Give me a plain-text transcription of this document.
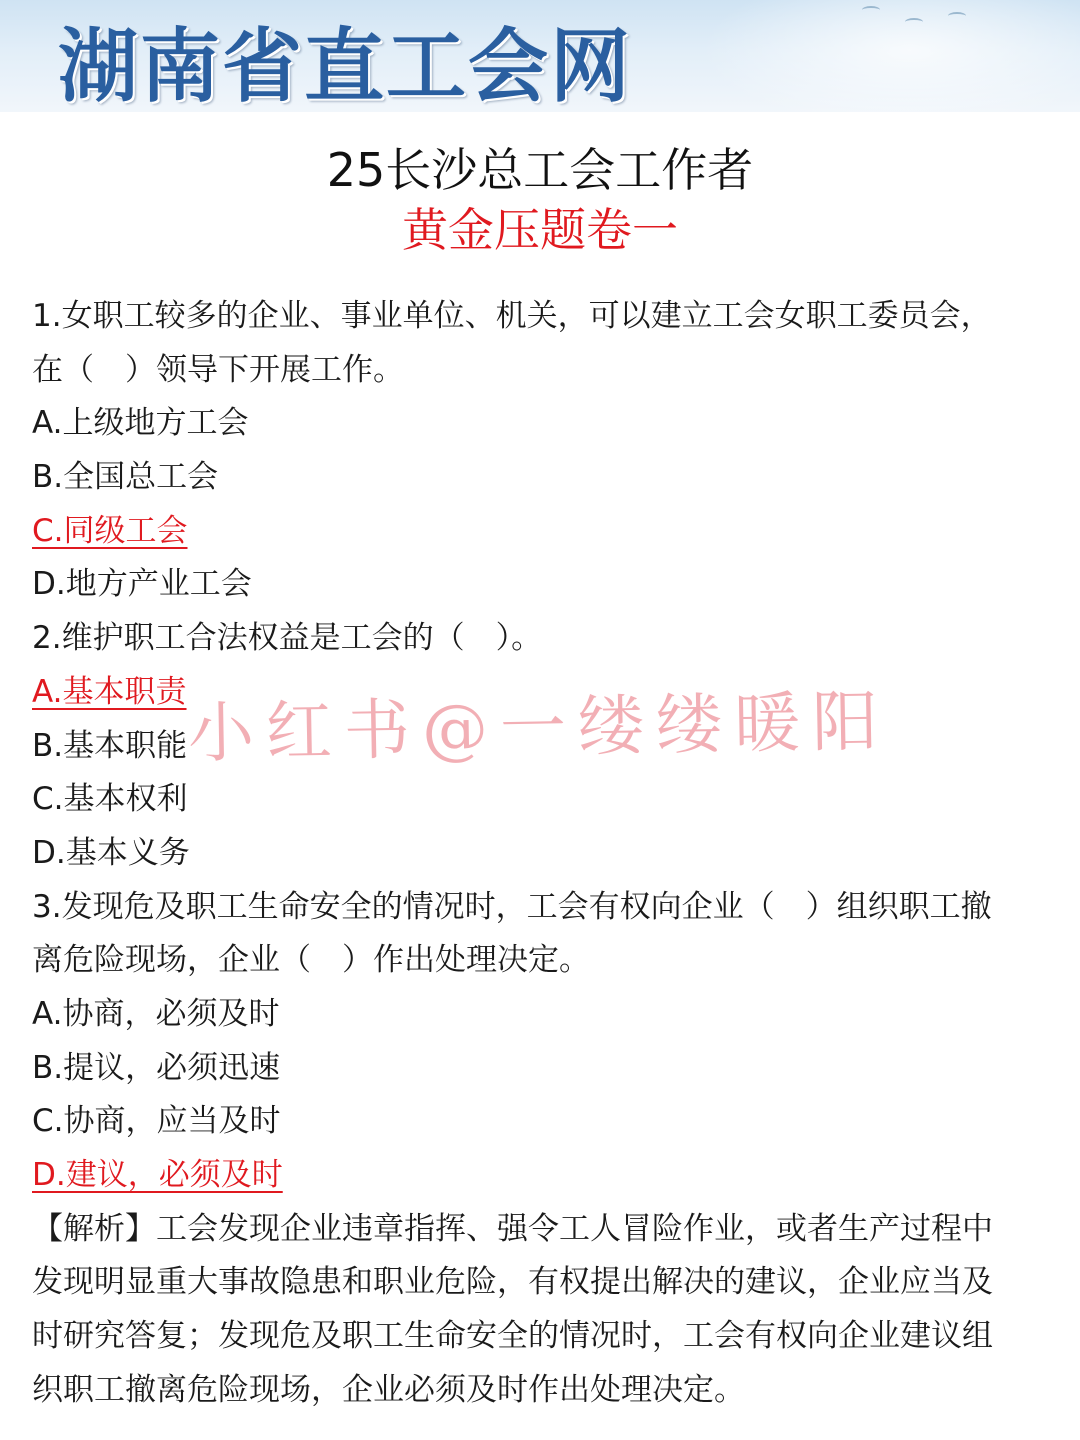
湖南省直工会网
25长沙总工会工作者
黄金压题卷一
1.女职工较多的企业、事业单位、机关，可以建立工会女职工委员会，
在（　）领导下开展工作。
A.上级地方工会
B.全国总工会
C.同级工会
D.地方产业工会
2.维护职工合法权益是工会的（　）。
A.基本职责
B.基本职能
C.基本权利
D.基本义务
3.发现危及职工生命安全的情况时，工会有权向企业（　）组织职工撤
离危险现场，企业（　）作出处理决定。
A.协商，必须及时
B.提议，必须迅速
C.协商，应当及时
D.建议，必须及时
【解析】工会发现企业违章指挥、强令工人冒险作业，或者生产过程中
发现明显重大事故隐患和职业危险，有权提出解决的建议，企业应当及
时研究答复；发现危及职工生命安全的情况时，工会有权向企业建议组
织职工撤离危险现场，企业必须及时作出处理决定。
小红书@一缕缕暖阳
